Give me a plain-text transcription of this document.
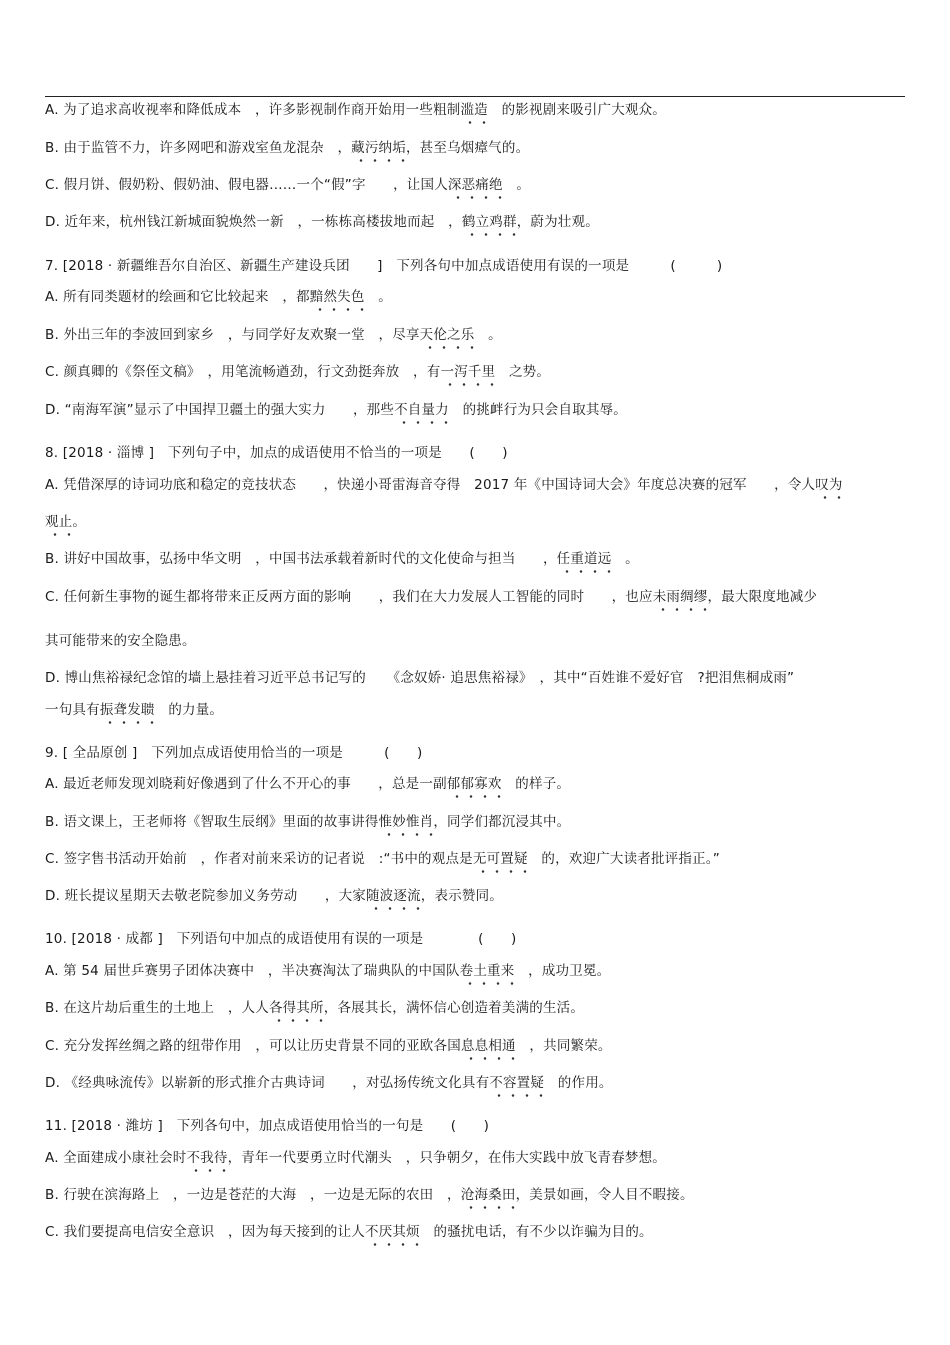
A. 为了追求高收视率和降低成本　，许多影视制作商开始用一些粗制滥造　的影视剧来吸引广大观众。
B. 由于监管不力，许多网吧和游戏室鱼龙混杂　，藏污纳垢，甚至乌烟瘴气的。
C. 假月饼、假奶粉、假奶油、假电器……一个“假”字　　，让国人深恶痛绝　。
D. 近年来，杭州钱江新城面貌焕然一新　，一栋栋高楼拔地而起　，鹤立鸡群，蔚为壮观。
7. [2018 · 新疆维吾尔自治区、新疆生产建设兵团　　]　下列各句中加点成语使用有误的一项是　　　(　　　)
A. 所有同类题材的绘画和它比较起来　，都黯然失色　。
B. 外出三年的李波回到家乡　，与同学好友欢聚一堂　，尽享天伦之乐　。
C. 颜真卿的《祭侄文稿》　，用笔流畅遒劲，行文劲挺奔放　，有一泻千里　之势。
D. “南海军演”显示了中国捍卫疆土的强大实力　　，那些不自量力　的挑衅行为只会自取其辱。
8. [2018 · 淄博 ]　下列句子中，加点的成语使用不恰当的一项是　　(　　)
A. 凭借深厚的诗词功底和稳定的竞技状态　　，快递小哥雷海音夺得　2017 年《中国诗词大会》年度总决赛的冠军　　，令人叹为
观止。
B. 讲好中国故事，弘扬中华文明　，中国书法承载着新时代的文化使命与担当　　，任重道远　。
C. 任何新生事物的诞生都将带来正反两方面的影响　　，我们在大力发展人工智能的同时　　，也应未雨绸缪，最大限度地减少
其可能带来的安全隐患。
D. 博山焦裕禄纪念馆的墙上悬挂着习近平总书记写的　　《念奴娇· 追思焦裕禄》　，其中“百姓谁不爱好官　?把泪焦桐成雨”
一句具有振聋发聩　的力量。
9. [ 全品原创 ]　下列加点成语使用恰当的一项是　　　(　　)
A. 最近老师发现刘晓莉好像遇到了什么不开心的事　　，总是一副郁郁寡欢　的样子。
B. 语文课上，王老师将《智取生辰纲》里面的故事讲得惟妙惟肖，同学们都沉浸其中。
C. 签字售书活动开始前　，作者对前来采访的记者说　:“书中的观点是无可置疑　的，欢迎广大读者批评指正。”
D. 班长提议星期天去敬老院参加义务劳动　　，大家随波逐流，表示赞同。
10. [2018 · 成都 ]　下列语句中加点的成语使用有误的一项是　　　　(　　)
A. 第 54 届世乒赛男子团体决赛中　，半决赛淘汰了瑞典队的中国队卷土重来　，成功卫冕。
B. 在这片劫后重生的土地上　，人人各得其所，各展其长，满怀信心创造着美满的生活。
C. 充分发挥丝绸之路的纽带作用　，可以让历史背景不同的亚欧各国息息相通　，共同繁荣。
D. 《经典咏流传》以崭新的形式推介古典诗词　　，对弘扬传统文化具有不容置疑　的作用。
11. [2018 · 潍坊 ]　下列各句中，加点成语使用恰当的一句是　　(　　)
A. 全面建成小康社会时不我待，青年一代要勇立时代潮头　，只争朝夕，在伟大实践中放飞青春梦想。
B. 行驶在滨海路上　，一边是苍茫的大海　，一边是无际的农田　，沧海桑田，美景如画，令人目不暇接。
C. 我们要提高电信安全意识　，因为每天接到的让人不厌其烦　的骚扰电话，有不少以诈骗为目的。
